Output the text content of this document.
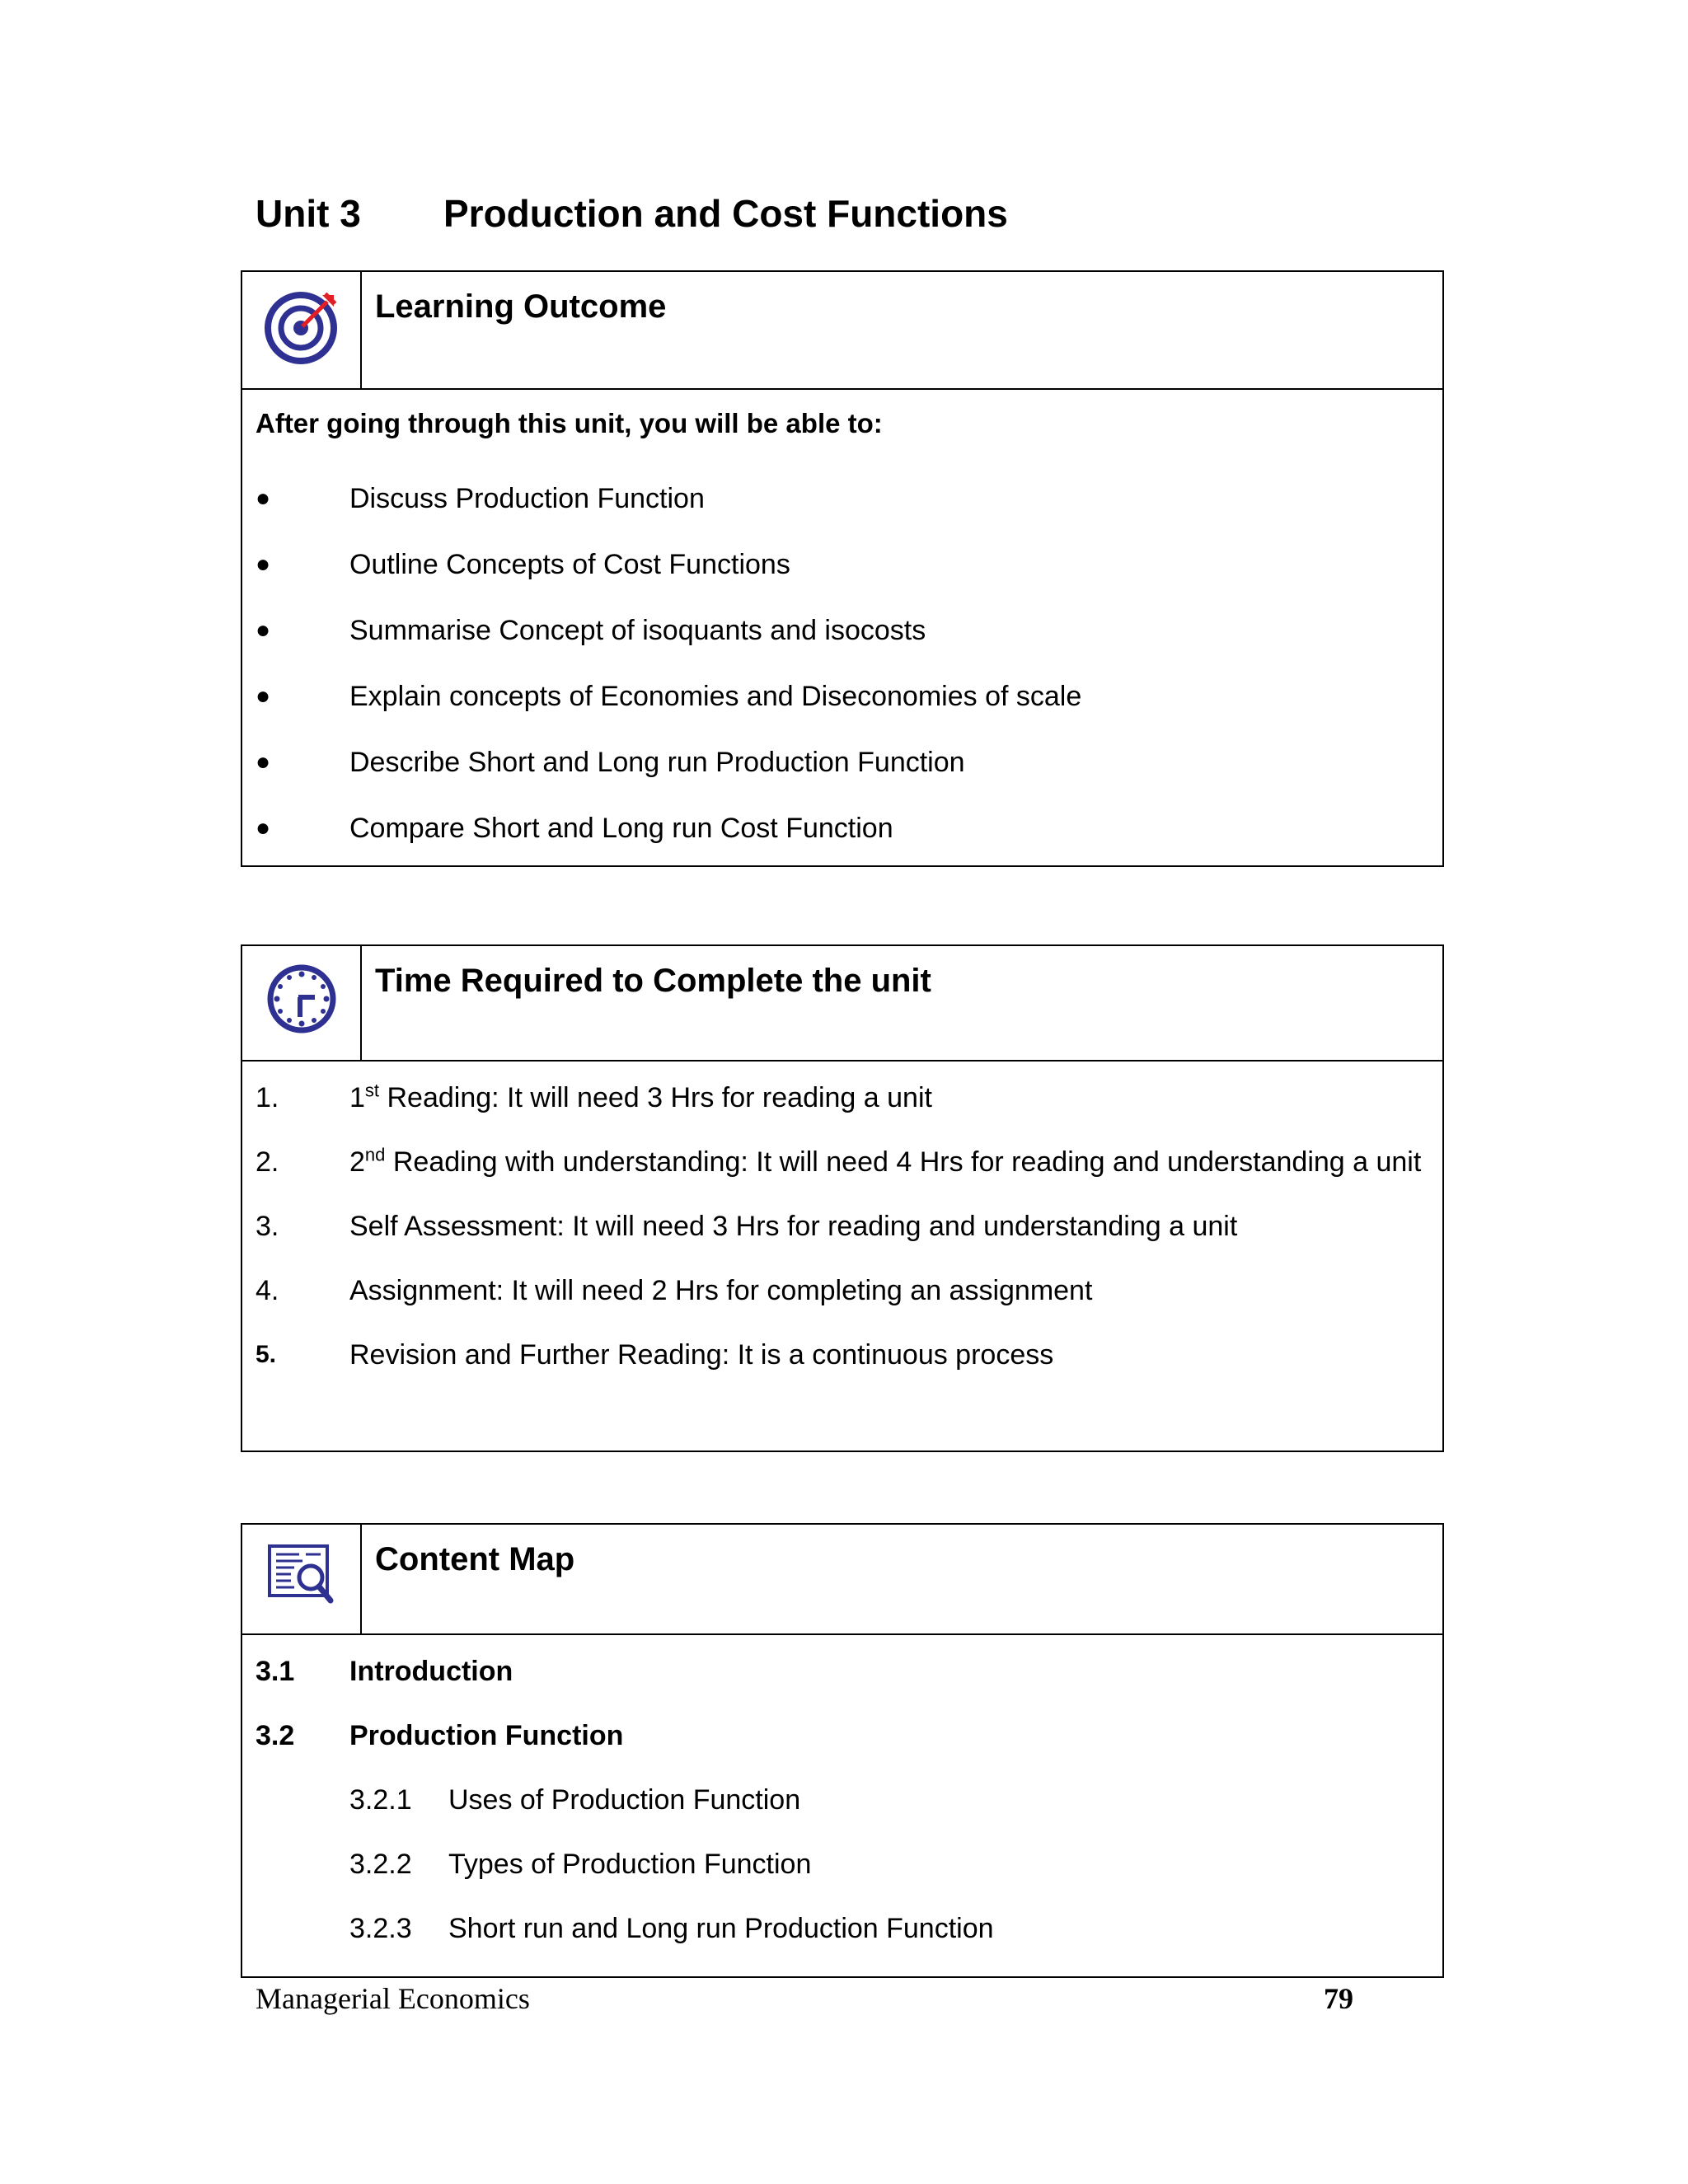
Unit 3 Production and Cost Functions
Learning Outcome
After going through this unit, you will be able to:
●	Discuss Production Function
●	Outline Concepts of Cost Functions
●	Summarise Concept of isoquants and isocosts
●	Explain concepts of Economies and Diseconomies of scale
●	Describe Short and Long run Production Function
●	Compare Short and Long run Cost Function
Time Required to Complete the unit
1.	1st Reading: It will need 3 Hrs for reading a unit
2.	2nd Reading with understanding: It will need 4 Hrs for reading and understanding a unit
3.	Self Assessment: It will need 3 Hrs for reading and understanding a unit
4.	Assignment: It will need 2 Hrs for completing an assignment
5.	Revision and Further Reading: It is a continuous process
Content Map
3.1	Introduction
3.2	Production Function
3.2.1	Uses of Production Function
3.2.2	Types of Production Function
3.2.3	Short run and Long run Production Function
Managerial Economics	79
